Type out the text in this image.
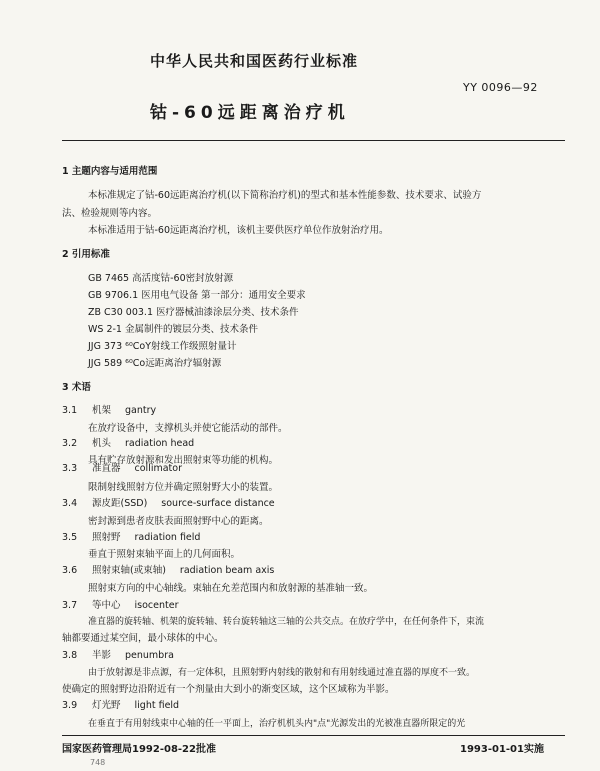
中华人民共和国医药行业标准
YY 0096—92
钴-60远距离治疗机
1 主题内容与适用范围
本标准规定了钴-60远距离治疗机(以下简称治疗机)的型式和基本性能参数、技术要求、试验方
法、检验规则等内容。
本标准适用于钴-60远距离治疗机，该机主要供医疗单位作放射治疗用。
2 引用标准
GB 7465 高活度钴-60密封放射源
GB 9706.1 医用电气设备 第一部分：通用安全要求
ZB C30 003.1 医疗器械油漆涂层分类、技术条件
WS 2-1 金属制件的镀层分类、技术条件
JJG 373 ⁶⁰CoY射线工作级照射量计
JJG 589 ⁶⁰Co远距离治疗辐射源
3 术语
3.1 机架 gantry
在放疗设备中，支撑机头并使它能活动的部件。
3.2 机头 radiation head
具有贮存放射源和发出照射束等功能的机构。
3.3 准直器 collimator
限制射线照射方位并确定照射野大小的装置。
3.4 源皮距(SSD) source-surface distance
密封源到患者皮肤表面照射野中心的距离。
3.5 照射野 radiation field
垂直于照射束轴平面上的几何面积。
3.6 照射束轴(或束轴) radiation beam axis
照射束方向的中心轴线。束轴在允差范围内和放射源的基准轴一致。
3.7 等中心 isocenter
准直器的旋转轴、机架的旋转轴、转台旋转轴这三轴的公共交点。在放疗学中，在任何条件下，束流
轴都要通过某空间，最小球体的中心。
3.8 半影 penumbra
由于放射源是非点源，有一定体积，且照射野内射线的散射和有用射线通过准直器的厚度不一致。
使确定的照射野边沿附近有一个剂量由大到小的渐变区域，这个区域称为半影。
3.9 灯光野 light field
在垂直于有用射线束中心轴的任一平面上，治疗机机头内"点"光源发出的光被准直器所限定的光
国家医药管理局1992-08-22批准	1993-01-01实施
748
